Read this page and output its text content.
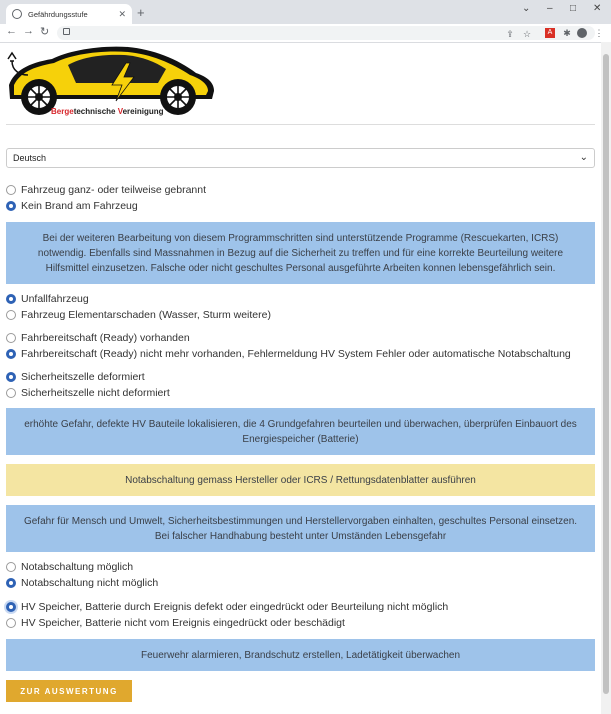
Gefährdungsstufe	✕ +	⌄ – □ ✕
← → ↻	⇪ ☆	A ✱	⋮
Bergetechnische Vereinigung
Deutsch	⌄
Fahrzeug ganz- oder teilweise gebrannt
Kein Brand am Fahrzeug
Bei der weiteren Bearbeitung von diesem Programmschritten sind unterstützende Programme (Rescuekarten, ICRS) notwendig. Ebenfalls sind Massnahmen in Bezug auf die Sicherheit zu treffen und für eine korrekte Beurteilung weitere Hilfsmittel einzusetzen. Falsche oder nicht geschultes Personal ausgeführte Arbeiten konnen lebensgefährlich sein.
Unfallfahrzeug
Fahrzeug Elementarschaden (Wasser, Sturm weitere)
Fahrbereitschaft (Ready) vorhanden
Fahrbereitschaft (Ready) nicht mehr vorhanden, Fehlermeldung HV System Fehler oder automatische Notabschaltung
Sicherheitszelle deformiert
Sicherheitszelle nicht deformiert
erhöhte Gefahr, defekte HV Bauteile lokalisieren, die 4 Grundgefahren beurteilen und überwachen, überprüfen Einbauort des Energiespeicher (Batterie)
Notabschaltung gemass Hersteller oder ICRS / Rettungsdatenblatter ausführen
Gefahr für Mensch und Umwelt, Sicherheitsbestimmungen und Herstellervorgaben einhalten, geschultes Personal einsetzen. Bei falscher Handhabung besteht unter Umständen Lebensgefahr
Notabschaltung möglich
Notabschaltung nicht möglich
HV Speicher, Batterie durch Ereignis defekt oder eingedrückt oder Beurteilung nicht möglich
HV Speicher, Batterie nicht vom Ereignis eingedrückt oder beschädigt
Feuerwehr alarmieren, Brandschutz erstellen, Ladetätigkeit überwachen
ZUR AUSWERTUNG
